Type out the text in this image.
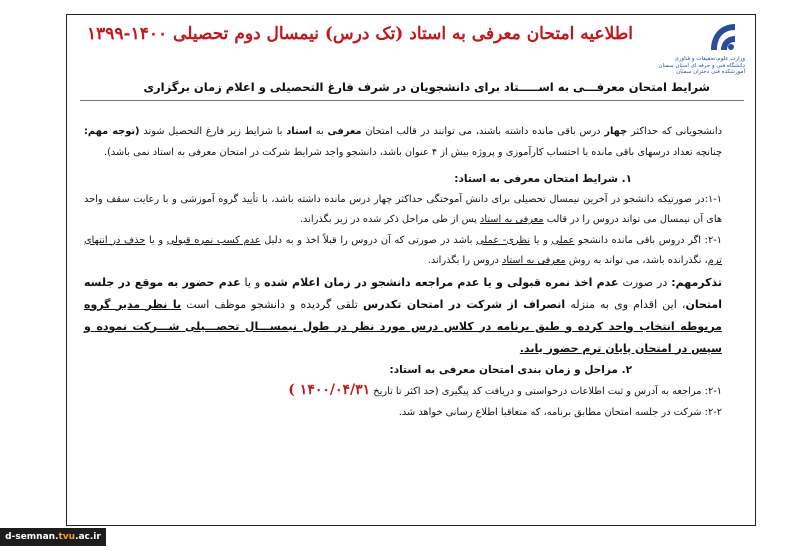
وزارت علوم،تحقیقات و فناوری
دانشگاه فنی و حرفه ای استان سمنان
آموزشکده فنی دختران سمنان
اطلاعیه امتحان معرفی به استاد (تک درس) نیمسال دوم تحصیلی ۱۴۰۰-۱۳۹۹
شرایط امتحان معرفـــی به اســـــتاد برای دانشجویان در شرف فارغ التحصیلی و اعلام زمان برگزاری

دانشجویانی که حداکثر چهار درس باقی مانده داشته باشند، می توانند در قالب امتحان معرفی به استاد با شرایط زیر فارغ التحصیل شوند (توجه مهم: چنانچه تعداد درسهای باقی مانده با احتساب کارآموزی و پروژه بیش از ۴ عنوان باشد، دانشجو واجد شرایط شرکت در امتحان معرفی به استاد نمی باشد).

۱. شرایط امتحان معرفی به استاد:

۱-۱:در صورتیکه دانشجو در آخرین نیمسال تحصیلی برای دانش آموختگی حداکثر چهار درس مانده داشته باشد، با تأیید گروه آموزشی و با رعایت سقف واحد های آن نیمسال می تواند دروس را در قالب معرفی به استاد پس از طی مراحل ذکر شده در زیر بگذراند.

۲-۱: اگر دروس باقی مانده دانشجو عملی و یا نظری- عملی باشد در صورتی که آن دروس را قبلاً اخذ و به دلیل عدم کسب نمره قبولی و یا حذف در انتهای ترم، نگذرانده باشد، می تواند به روش معرفی به استاد دروس را بگذراند.

تذکرمهم: در صورت عدم اخذ نمره قبولی و یا عدم مراجعه دانشجو در زمان اعلام شده و یا عدم حضور به موقع در جلسه امتحان، این اقدام وی به منزله انصراف از شرکت در امتحان تکدرس تلقی گردیده و دانشجو موظف است با نظر مدیر گروه مربوطه انتخاب واحد کرده و طبق برنامه در کلاس درس مورد نظر در طول نیمســـال تحصـــیلی شـــرکت نموده و سپس در امتحان پایان ترم حضور یابد.

۲. مراحل و زمان بندی امتحان معرفی به استاد:

۲-۱: مراجعه به آدرس و ثبت اطلاعات درخواستی و دریافت کد پیگیری (حد اکثر تا تاریخ ۱۴۰۰/۰۴/۳۱ )

۲-۲: شرکت در جلسه امتحان مطابق برنامه، که متعاقبا اطلاع رسانی خواهد شد.

d-semnan.tvu.ac.ir
